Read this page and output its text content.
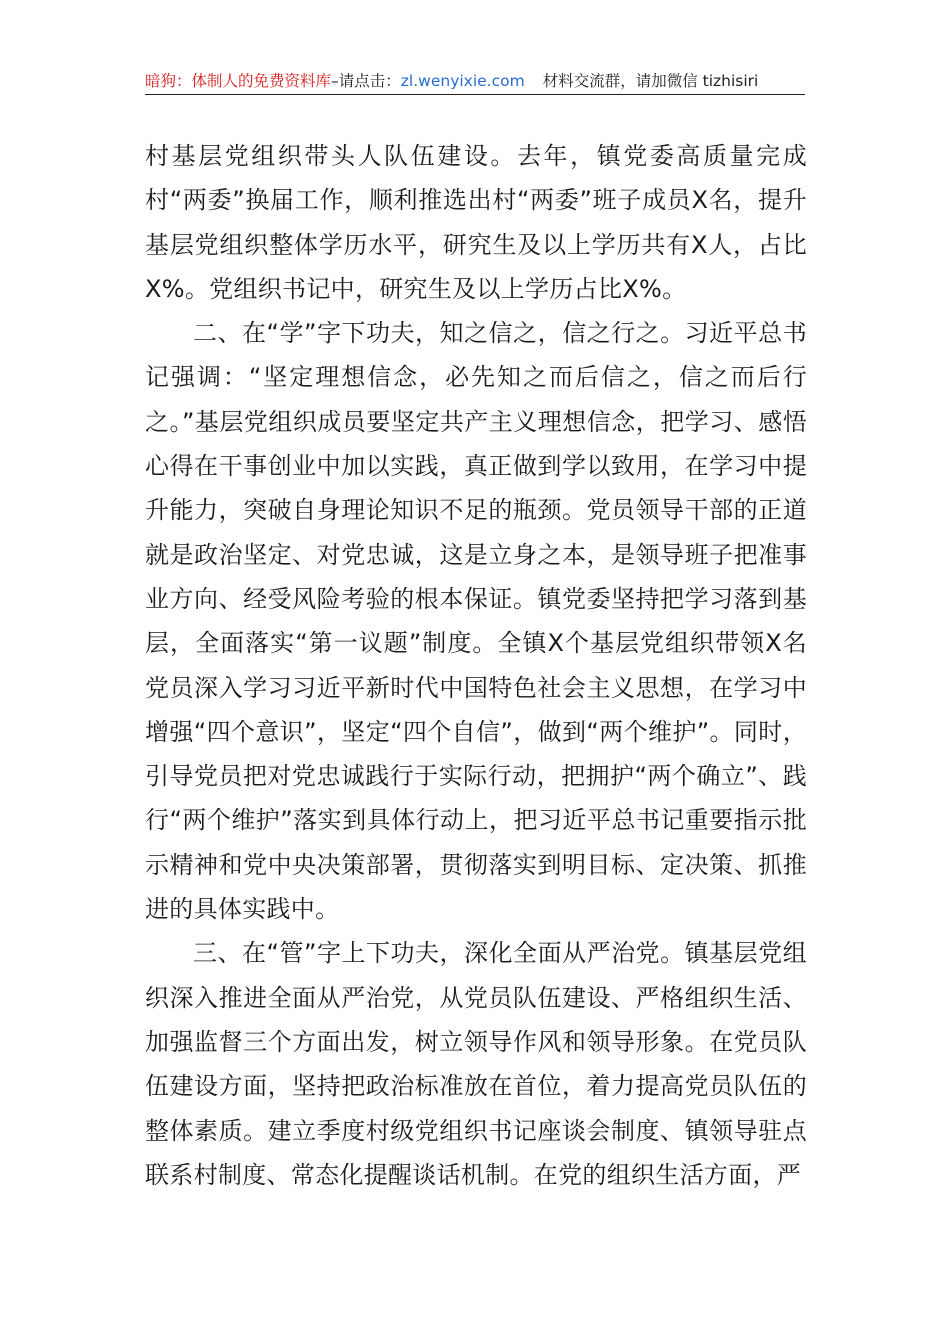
暗狗：体制人的免费资料库–请点击：zl.wenyixie.com 材料交流群，请加微信 tizhisiri

村基层党组织带头人队伍建设。去年，镇党委高质量完成村“两委”换届工作，顺利推选出村“两委”班子成员X名，提升基层党组织整体学历水平，研究生及以上学历共有X人，占比X%。党组织书记中，研究生及以上学历占比X%。

二、在“学”字下功夫，知之信之，信之行之。习近平总书记强调：“坚定理想信念，必先知之而后信之，信之而后行之。”基层党组织成员要坚定共产主义理想信念，把学习、感悟心得在干事创业中加以实践，真正做到学以致用，在学习中提升能力，突破自身理论知识不足的瓶颈。党员领导干部的正道就是政治坚定、对党忠诚，这是立身之本，是领导班子把准事业方向、经受风险考验的根本保证。镇党委坚持把学习落到基层，全面落实“第一议题”制度。全镇X个基层党组织带领X名党员深入学习习近平新时代中国特色社会主义思想，在学习中增强“四个意识”，坚定“四个自信”，做到“两个维护”。同时，引导党员把对党忠诚践行于实际行动，把拥护“两个确立”、践行“两个维护”落实到具体行动上，把习近平总书记重要指示批示精神和党中央决策部署，贯彻落实到明目标、定决策、抓推进的具体实践中。

三、在“管”字上下功夫，深化全面从严治党。镇基层党组织深入推进全面从严治党，从党员队伍建设、严格组织生活、加强监督三个方面出发，树立领导作风和领导形象。在党员队伍建设方面，坚持把政治标准放在首位，着力提高党员队伍的整体素质。建立季度村级党组织书记座谈会制度、镇领导驻点联系村制度、常态化提醒谈话机制。在党的组织生活方面，严
